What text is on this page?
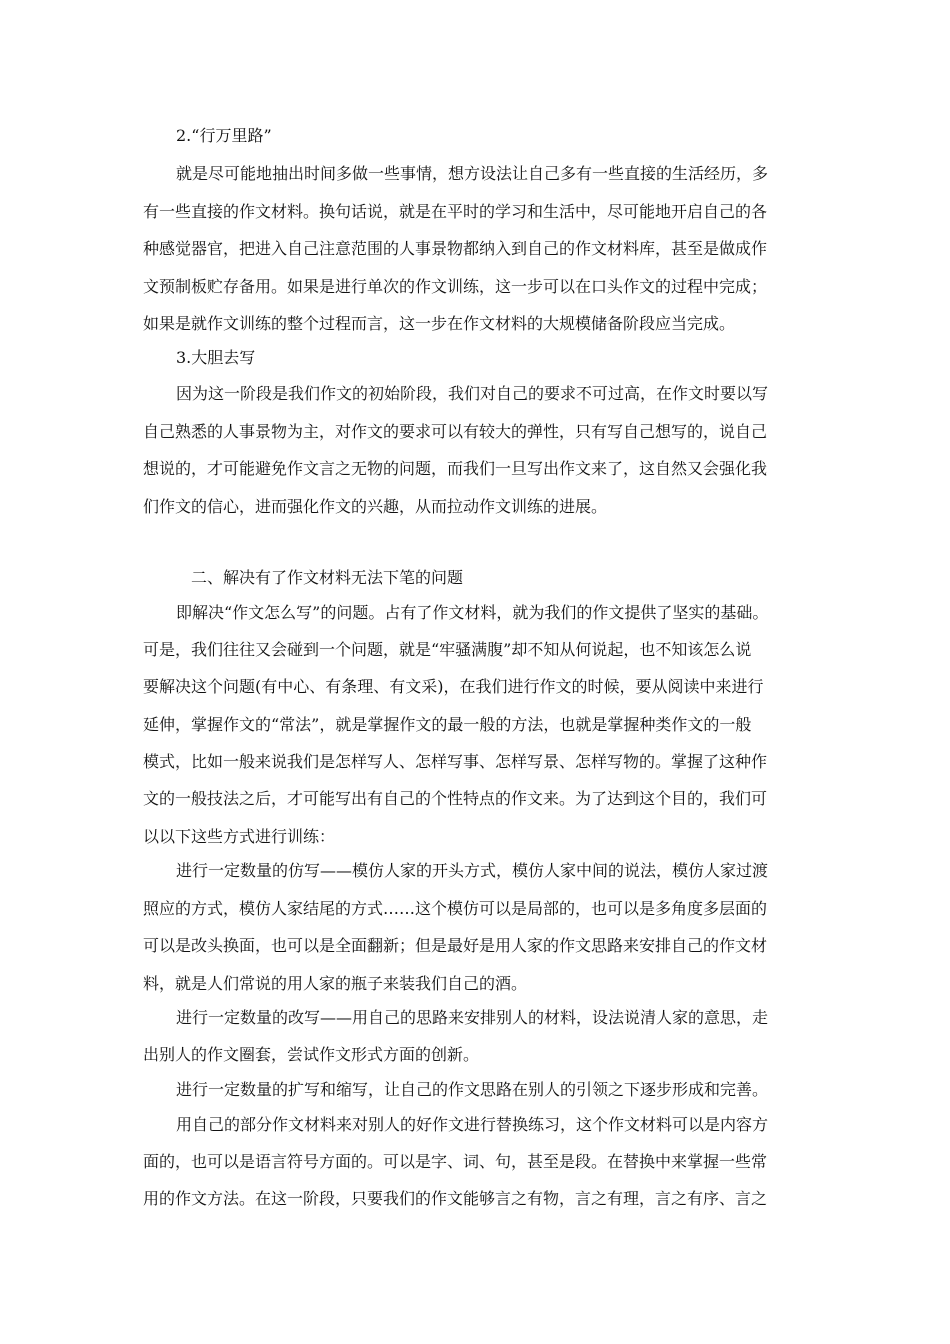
2.“行万里路”

就是尽可能地抽出时间多做一些事情，想方设法让自己多有一些直接的生活经历，多

有一些直接的作文材料。换句话说，就是在平时的学习和生活中，尽可能地开启自己的各

种感觉器官，把进入自己注意范围的人事景物都纳入到自己的作文材料库，甚至是做成作

文预制板贮存备用。如果是进行单次的作文训练，这一步可以在口头作文的过程中完成；

如果是就作文训练的整个过程而言，这一步在作文材料的大规模储备阶段应当完成。

3.大胆去写

因为这一阶段是我们作文的初始阶段，我们对自己的要求不可过高，在作文时要以写

自己熟悉的人事景物为主，对作文的要求可以有较大的弹性，只有写自己想写的，说自己

想说的，才可能避免作文言之无物的问题，而我们一旦写出作文来了，这自然又会强化我

们作文的信心，进而强化作文的兴趣，从而拉动作文训练的进展。

二、解决有了作文材料无法下笔的问题

即解决“作文怎么写”的问题。占有了作文材料，就为我们的作文提供了坚实的基础。

可是，我们往往又会碰到一个问题，就是“牢骚满腹”却不知从何说起，也不知该怎么说

要解决这个问题(有中心、有条理、有文采)，在我们进行作文的时候，要从阅读中来进行

延伸，掌握作文的“常法”，就是掌握作文的最一般的方法，也就是掌握种类作文的一般

模式，比如一般来说我们是怎样写人、怎样写事、怎样写景、怎样写物的。掌握了这种作

文的一般技法之后，才可能写出有自己的个性特点的作文来。为了达到这个目的，我们可

以以下这些方式进行训练：

进行一定数量的仿写——模仿人家的开头方式，模仿人家中间的说法，模仿人家过渡

照应的方式，模仿人家结尾的方式……这个模仿可以是局部的，也可以是多角度多层面的

可以是改头换面，也可以是全面翻新；但是最好是用人家的作文思路来安排自己的作文材

料，就是人们常说的用人家的瓶子来装我们自己的酒。

进行一定数量的改写——用自己的思路来安排别人的材料，设法说清人家的意思，走

出别人的作文圈套，尝试作文形式方面的创新。

进行一定数量的扩写和缩写，让自己的作文思路在别人的引领之下逐步形成和完善。

用自己的部分作文材料来对别人的好作文进行替换练习，这个作文材料可以是内容方

面的，也可以是语言符号方面的。可以是字、词、句，甚至是段。在替换中来掌握一些常

用的作文方法。在这一阶段，只要我们的作文能够言之有物，言之有理，言之有序、言之
